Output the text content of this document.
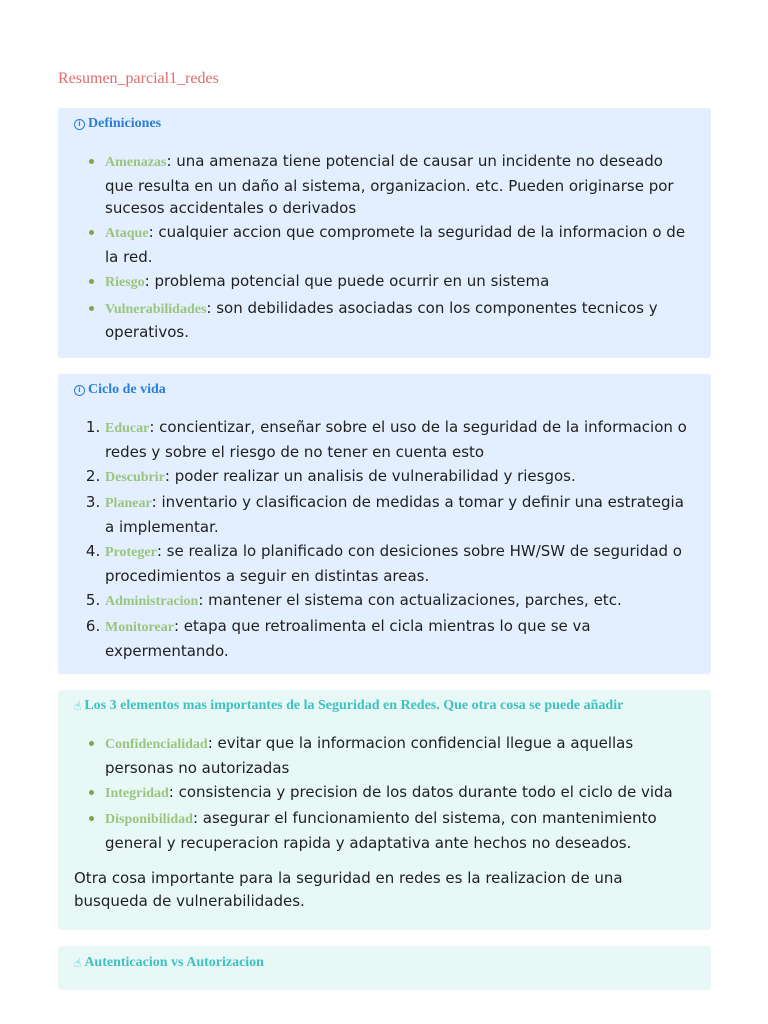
Resumen_parcial1_redes
i Definiciones
• Amenazas: una amenaza tiene potencial de causar un incidente no deseado que resulta en un daño al sistema, organizacion. etc. Pueden originarse por sucesos accidentales o derivados
• Ataque: cualquier accion que compromete la seguridad de la informacion o de la red.
• Riesgo: problema potencial que puede ocurrir en un sistema
• Vulnerabilidades: son debilidades asociadas con los componentes tecnicos y operativos.
i Ciclo de vida
1. Educar: concientizar, enseñar sobre el uso de la seguridad de la informacion o redes y sobre el riesgo de no tener en cuenta esto
2. Descubrir: poder realizar un analisis de vulnerabilidad y riesgos.
3. Planear: inventario y clasificacion de medidas a tomar y definir una estrategia a implementar.
4. Proteger: se realiza lo planificado con desiciones sobre HW/SW de seguridad o procedimientos a seguir en distintas areas.
5. Administracion: mantener el sistema con actualizaciones, parches, etc.
6. Monitorear: etapa que retroalimenta el cicla mientras lo que se va expermentando.
☝ Los 3 elementos mas importantes de la Seguridad en Redes. Que otra cosa se puede añadir
• Confidencialidad: evitar que la informacion confidencial llegue a aquellas personas no autorizadas
• Integridad: consistencia y precision de los datos durante todo el ciclo de vida
• Disponibilidad: asegurar el funcionamiento del sistema, con mantenimiento general y recuperacion rapida y adaptativa ante hechos no deseados.

Otra cosa importante para la seguridad en redes es la realizacion de una busqueda de vulnerabilidades.

☝ Autenticacion vs Autorizacion
